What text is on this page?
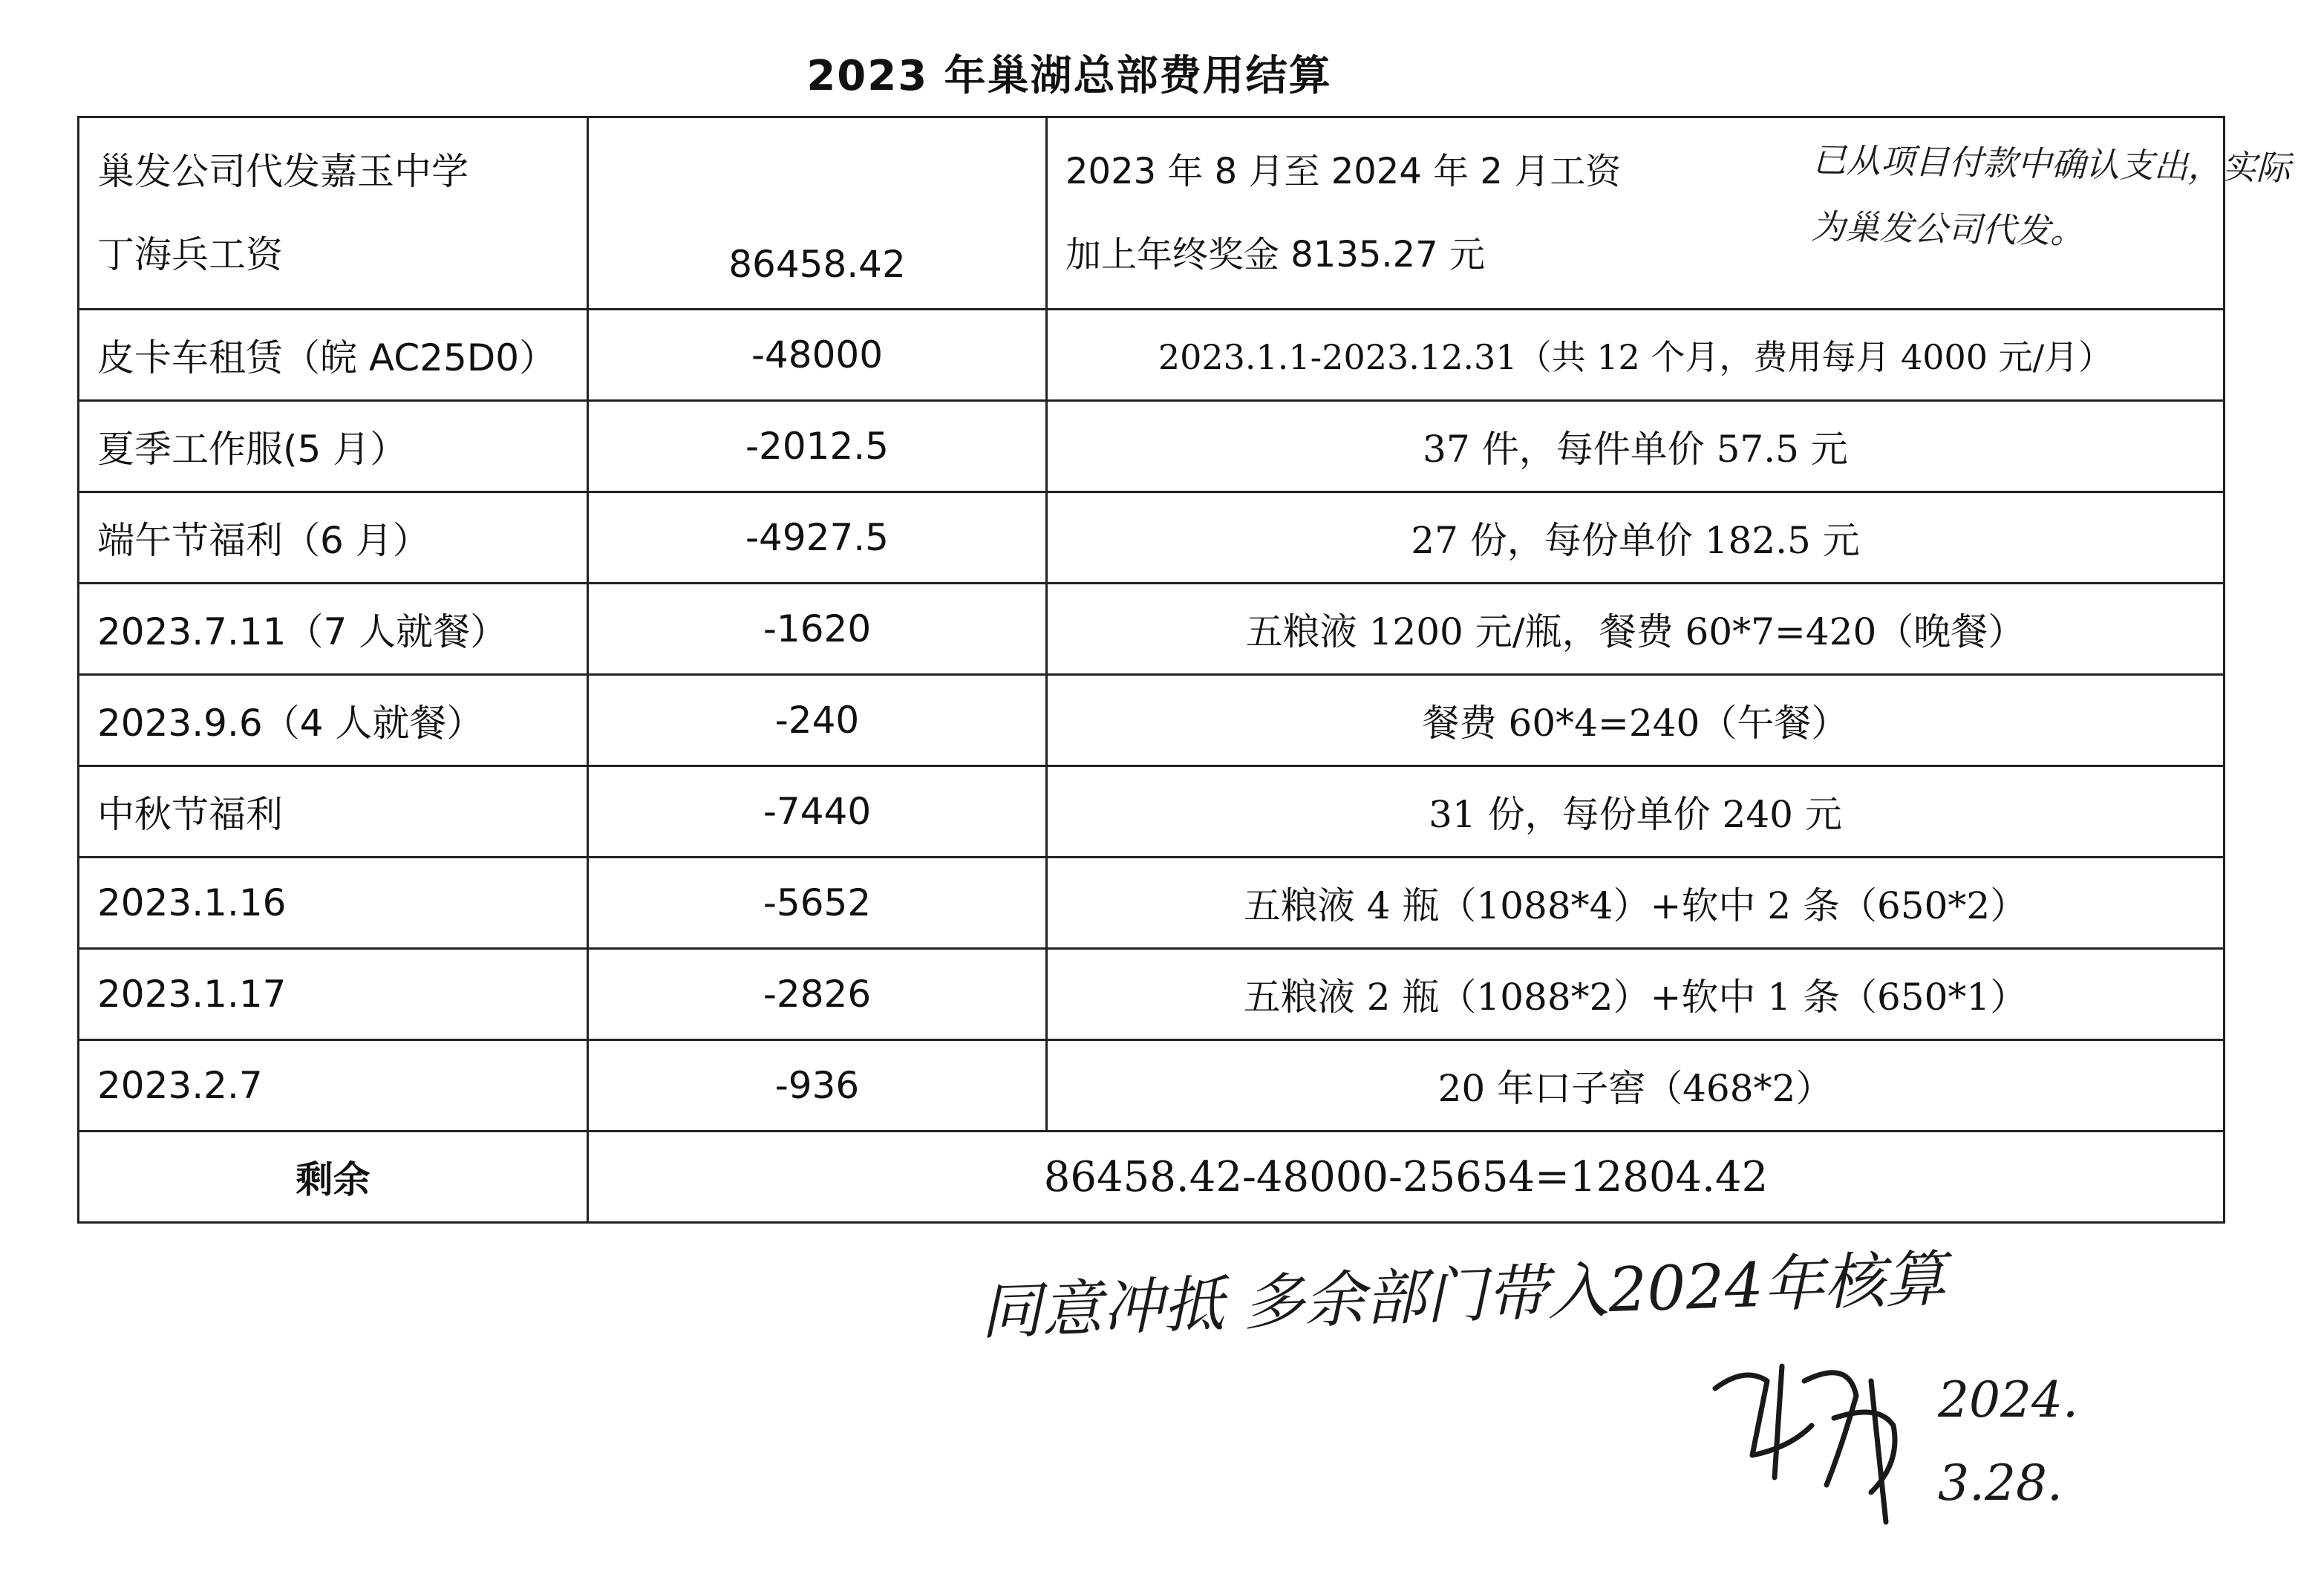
2023 年巢湖总部费用结算
巢发公司代发嘉玉中学
丁海兵工资	86458.42	2023 年 8 月至 2024 年 2 月工资
加上年终奖金 8135.27 元

皮卡车租赁（皖 AC25D0）	-48000	2023.1.1-2023.12.31（共 12 个月，费用每月 4000 元/月）
夏季工作服(5 月）	-2012.5	37 件，每件单价 57.5 元
端午节福利（6 月）	-4927.5	27 份，每份单价 182.5 元
2023.7.11（7 人就餐）	-1620	五粮液 1200 元/瓶，餐费 60*7=420（晚餐）
2023.9.6（4 人就餐）	-240	餐费 60*4=240（午餐）
中秋节福利	-7440	31 份，每份单价 240 元
2023.1.16	-5652	五粮液 4 瓶（1088*4）+软中 2 条（650*2）
2023.1.17	-2826	五粮液 2 瓶（1088*2）+软中 1 条（650*1）
2023.2.7	-936	20 年口子窖（468*2）
剩余	86458.42-48000-25654=12804.42	
已从项目付款中确认支出，实际为巢发公司代发。
同意冲抵 多余部门带入2024年核算
2024.
3.28.
